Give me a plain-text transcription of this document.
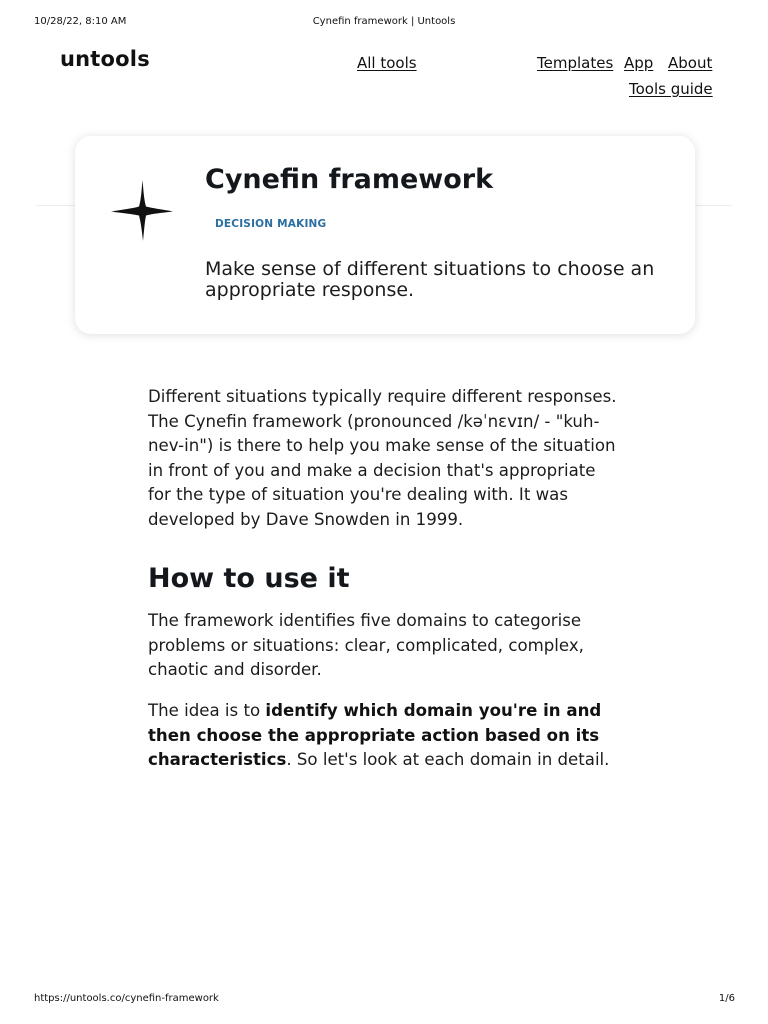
10/28/22, 8:10 AM	Cynefin framework | Untools
untools	All tools	Templates App About
Tools guide
Cynefin framework
DECISION MAKING
Make sense of different situations to choose an appropriate response.

Different situations typically require different responses. The Cynefin framework (pronounced /kəˈnɛvɪn/ - "kuh-nev-in") is there to help you make sense of the situation in front of you and make a decision that's appropriate for the type of situation you're dealing with. It was developed by Dave Snowden in 1999.

How to use it

The framework identifies five domains to categorise problems or situations: clear, complicated, complex, chaotic and disorder.

The idea is to identify which domain you're in and then choose the appropriate action based on its characteristics. So let's look at each domain in detail.

https://untools.co/cynefin-framework	1/6
